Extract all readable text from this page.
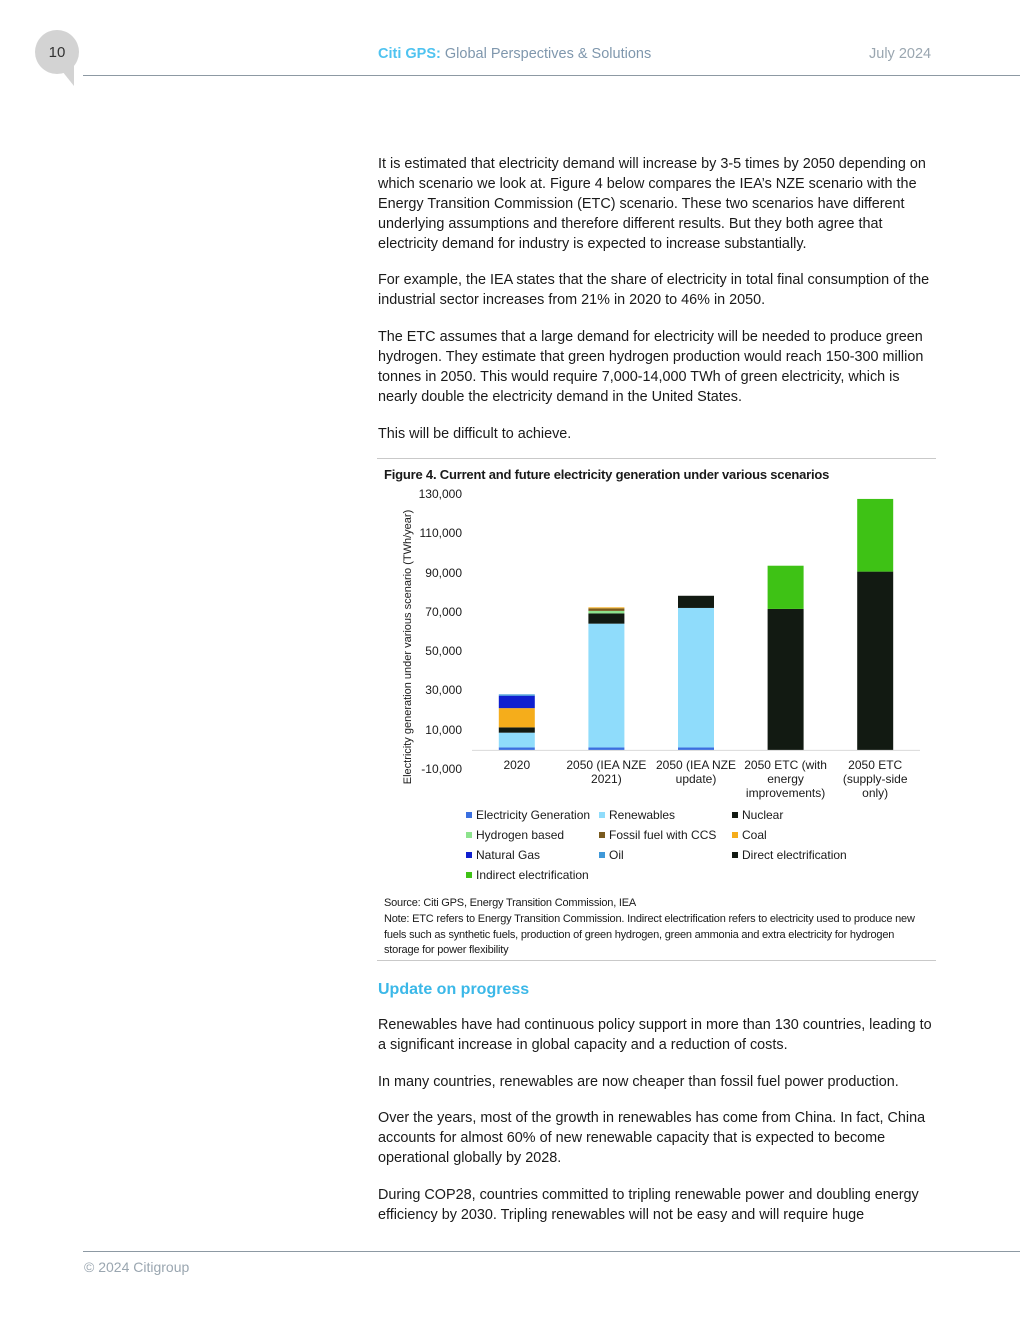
10	Citi GPS: Global Perspectives & Solutions	July 2024

It is estimated that electricity demand will increase by 3-5 times by 2050 depending on which scenario we look at. Figure 4 below compares the IEA’s NZE scenario with the Energy Transition Commission (ETC) scenario. These two scenarios have different underlying assumptions and therefore different results. But they both agree that electricity demand for industry is expected to increase substantially.

For example, the IEA states that the share of electricity in total final consumption of the industrial sector increases from 21% in 2020 to 46% in 2050.

The ETC assumes that a large demand for electricity will be needed to produce green hydrogen. They estimate that green hydrogen production would reach 150-300 million tonnes in 2050. This would require 7,000-14,000 TWh of green electricity, which is nearly double the electricity demand in the United States.

This will be difficult to achieve.

Figure 4. Current and future electricity generation under various scenarios
Electricity generation under various scenario (TWh/year) -10,000
10,000
30,000
50,000
70,000
90,000
110,000
130,000
2020	2050 (IEA NZE
2021)
2050 (IEA NZE
update)
2050 ETC (with
energy
improvements)
2050 ETC
(supply-side
only)
Electricity Generation	Renewables	Nuclear
Hydrogen based	Fossil fuel with CCS	Coal
Natural Gas	Oil	Direct electrification
Indirect electrification

Source: Citi GPS, Energy Transition Commission, IEA

Note: ETC refers to Energy Transition Commission. Indirect electrification refers to electricity used to produce new fuels such as synthetic fuels, production of green hydrogen, green ammonia and extra electricity for hydrogen storage for power flexibility

Update on progress

Renewables have had continuous policy support in more than 130 countries, leading to a significant increase in global capacity and a reduction of costs.

In many countries, renewables are now cheaper than fossil fuel power production.

Over the years, most of the growth in renewables has come from China. In fact, China accounts for almost 60% of new renewable capacity that is expected to become operational globally by 2028.

During COP28, countries committed to tripling renewable power and doubling energy efficiency by 2030. Tripling renewables will not be easy and will require huge

© 2024 Citigroup
